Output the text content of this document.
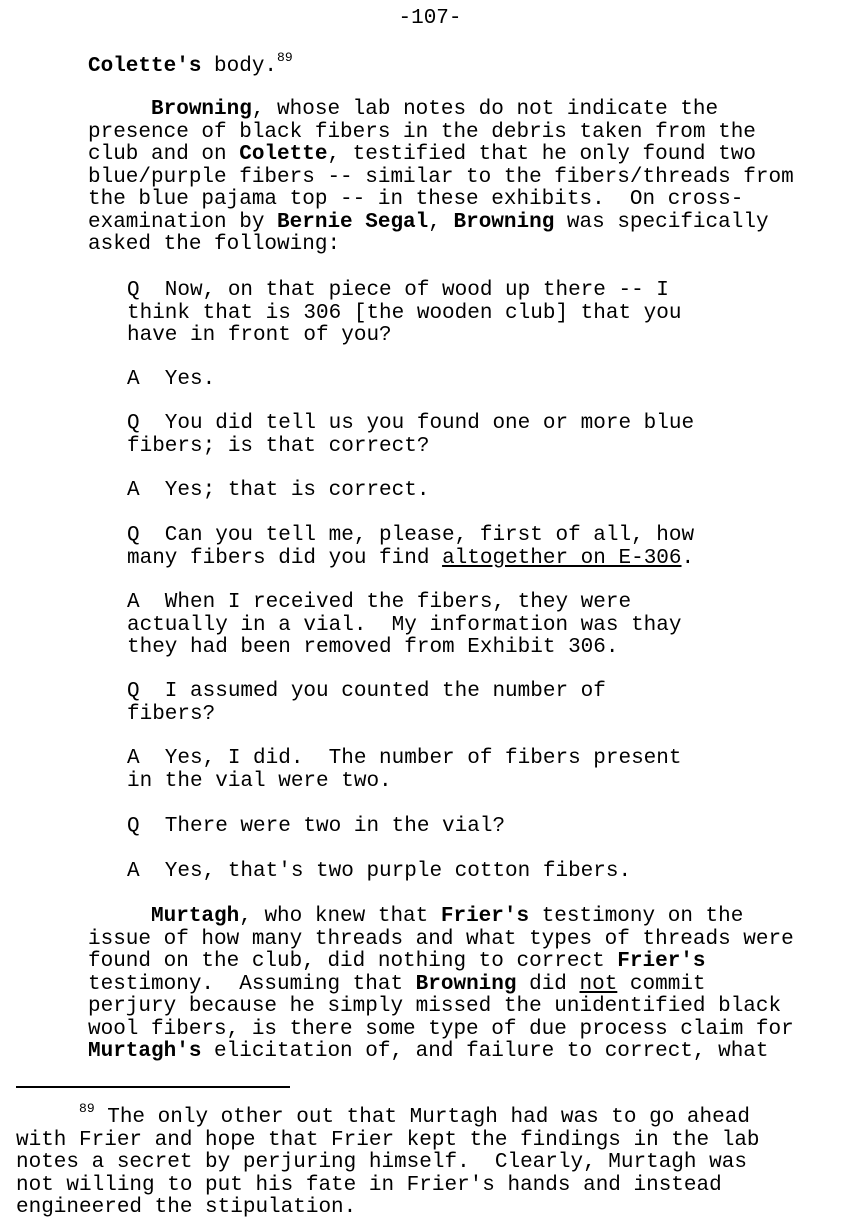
-107-
Colette's body.$^{89}$
Browning, whose lab notes do not indicate the
presence of black fibers in the debris taken from the
club and on Colette, testified that he only found two
blue/purple fibers -- similar to the fibers/threads from
the blue pajama top -- in these exhibits.  On cross-
examination by Bernie Segal, Browning was specifically
asked the following:
Q  Now, on that piece of wood up there -- I
think that is 306 [the wooden club] that you
have in front of you?
A  Yes.
Q  You did tell us you found one or more blue
fibers; is that correct?
A  Yes; that is correct.
Q  Can you tell me, please, first of all, how
many fibers did you find altogether on E-306.
A  When I received the fibers, they were
actually in a vial.  My information was thay
they had been removed from Exhibit 306.
Q  I assumed you counted the number of
fibers?
A  Yes, I did.  The number of fibers present
in the vial were two.
Q  There were two in the vial?
A  Yes, that's two purple cotton fibers.
Murtagh, who knew that Frier's testimony on the
issue of how many threads and what types of threads were
found on the club, did nothing to correct Frier's
testimony.  Assuming that Browning did not commit
perjury because he simply missed the unidentified black
wool fibers, is there some type of due process claim for
Murtagh's elicitation of, and failure to correct, what
$^{89}$ The only other out that Murtagh had was to go ahead
with Frier and hope that Frier kept the findings in the lab
notes a secret by perjuring himself.  Clearly, Murtagh was
not willing to put his fate in Frier's hands and instead
engineered the stipulation.
